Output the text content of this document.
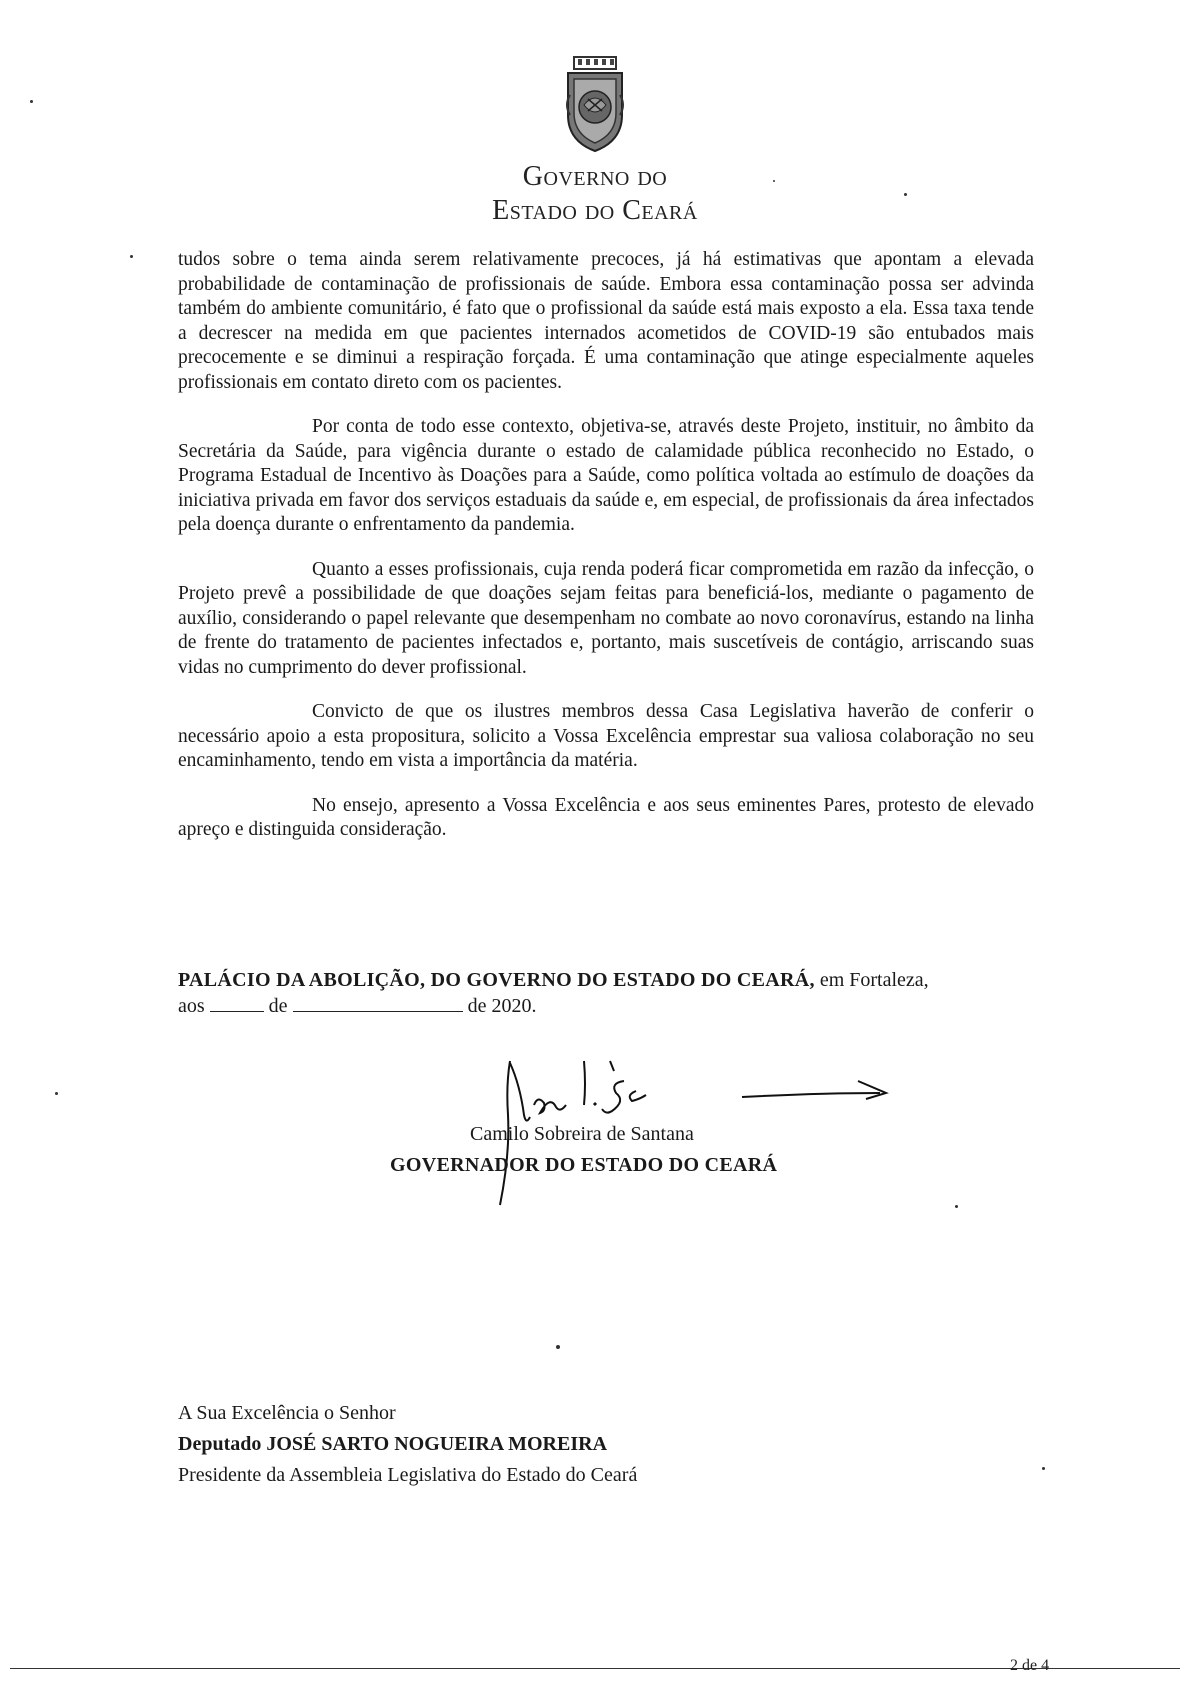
Governo do
Estado do Ceará

tudos sobre o tema ainda serem relativamente precoces, já há estimativas que apontam a elevada probabilidade de contaminação de profissionais de saúde. Embora essa contaminação possa ser advinda também do ambiente comunitário, é fato que o profissional da saúde está mais exposto a ela. Essa taxa tende a decrescer na medida em que pacientes internados acometidos de COVID-19 são entubados mais precocemente e se diminui a respiração forçada. É uma contaminação que atinge especialmente aqueles profissionais em contato direto com os pacientes.

Por conta de todo esse contexto, objetiva-se, através deste Projeto, instituir, no âmbito da Secretária da Saúde, para vigência durante o estado de calamidade pública reconhecido no Estado, o Programa Estadual de Incentivo às Doações para a Saúde, como política voltada ao estímulo de doações da iniciativa privada em favor dos serviços estaduais da saúde e, em especial, de profissionais da área infectados pela doença durante o enfrentamento da pandemia.

Quanto a esses profissionais, cuja renda poderá ficar comprometida em razão da infecção, o Projeto prevê a possibilidade de que doações sejam feitas para beneficiá-los, mediante o pagamento de auxílio, considerando o papel relevante que desempenham no combate ao novo coronavírus, estando na linha de frente do tratamento de pacientes infectados e, portanto, mais suscetíveis de contágio, arriscando suas vidas no cumprimento do dever profissional.

Convicto de que os ilustres membros dessa Casa Legislativa haverão de conferir o necessário apoio a esta propositura, solicito a Vossa Excelência emprestar sua valiosa colaboração no seu encaminhamento, tendo em vista a importância da matéria.

No ensejo, apresento a Vossa Excelência e aos seus eminentes Pares, protesto de elevado apreço e distinguida consideração.

PALÁCIO DA ABOLIÇÃO, DO GOVERNO DO ESTADO DO CEARÁ, em Fortaleza,
aos	de	de 2020.
Camilo Sobreira de Santana
GOVERNADOR DO ESTADO DO CEARÁ
A Sua Excelência o Senhor
Deputado JOSÉ SARTO NOGUEIRA MOREIRA
Presidente da Assembleia Legislativa do Estado do Ceará
2 de 4
